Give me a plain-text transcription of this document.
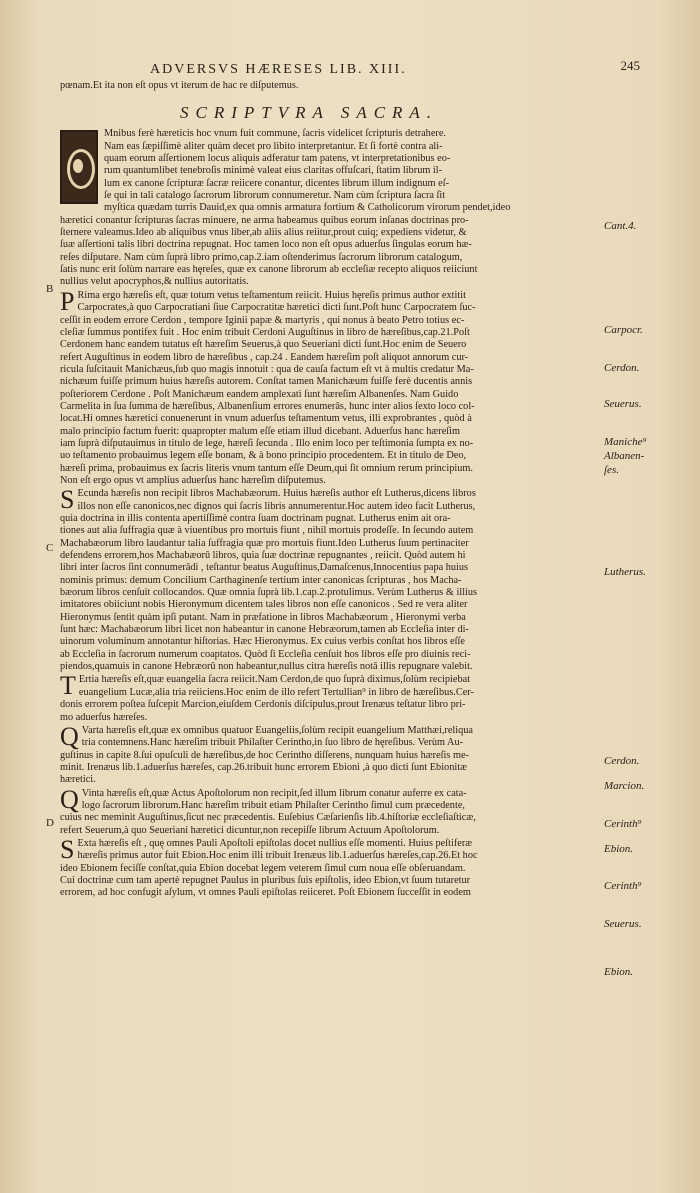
ADVERSVS HÆRESES LIB. XIII.	245
B
C
D
Cant.4.
Carpocr.
Cerdon.
Seuerus.
Maniche⁹
Albanen-
ſes.
Lutherus.
Cerdon.
Marcion.
Cerinth⁹
Ebion.
Cerinth⁹
Seuerus.
Ebion.
pœnam.Et ita non eſt opus vt iterum de hac re diſputemus.
SCRIPTVRA SACRA.
Mnibus ferè hæreticis hoc vnum fuit commune, ſacris videlicet ſcripturis detrahere.
Nam eas ſæpiſſimè aliter quàm decet pro libito interpretantur. Et ſi fortè contra ali-
quam eorum aſſertionem locus aliquis adferatur tam patens, vt interpretationibus eo-
rum quantumlibet tenebroſis minimè valeat eius claritas offuſcari, ſtatim librum il-
lum ex canone ſcripturæ ſacræ reiicere conantur, dicentes librum illum indignum eſ-
ſe qui in tali catalogo ſacrorum librorum connumeretur. Nam cùm ſcriptura ſacra ſit
myſtica quædam turris Dauid,ex qua omnis armatura fortium & Catholicorum virorum pendet,ideo
hæretici conantur ſcripturas ſacras minuere, ne arma habeamus quibus eorum inſanas doctrinas pro-
ſternere valeamus.Ideo ab aliquibus vnus liber,ab aliis alius reiitur,prout cuiq; expediens videtur, &
ſuæ aſſertioni talis libri doctrina repugnat. Hoc tamen loco non eſt opus aduerſus ſingulas eorum hæ-
reſes diſputare. Nam cùm ſuprà libro primo,cap.2.iam oſtenderimus ſacrorum librorum catalogum,
ſatis nunc erit ſolùm narrare eas hęreſes, quæ ex canone librorum ab eccleſiæ recepto aliquos reiiciunt
nullius velut apocryphos,& nullius autoritatis.
P Rima ergo hæreſis eſt, quæ totum vetus teſtamentum reiicit. Huius hęreſis primus author extitit
Carpocrates,à quo Carpocratiani ſiue Carpocratitæ hæretici dicti ſunt.Poſt hunc Carpocratem ſuc-
ceſſit in eodem errore Cerdon , tempore Iginii papæ & martyris , qui nonus à beato Petro totius ec-
cleſiæ ſummus pontifex fuit . Hoc enim tribuit Cerdoni Auguſtinus in libro de hæreſibus,cap.21.Poſt
Cerdonem hanc eandem tutatus eſt hæreſim Seuerus,à quo Seueriani dicti ſunt.Hoc enim de Seuero
refert Auguſtinus in eodem libro de hæreſibus , cap.24 . Eandem hæreſim poſt aliquot annorum cur-
ricula ſuſcitauit Manichæus,ſub quo magis innotuit : qua de cauſa factum eſt vt à multis credatur Ma-
nichæum fuiſſe primum huius hæreſis autorem. Conſtat tamen Manichæum fuiſſe ferè ducentis annis
poſteriorem Cerdone . Poſt Manichæum eandem amplexati ſunt hæreſim Albanenſes. Nam Guido
Carmelita in ſua ſumma de hæreſibus, Albanenſium errores enumerās, hunc inter alios ſexto loco col-
locat.Hi omnes hæretici conuenerunt in vnum aduerſus teſtamentum vetus, illi exprobrantes , quòd à
malo principio factum fuerit: quapropter malum eſſe etiam illud dicebant. Aduerſus hanc hæreſim
iam ſuprà diſputauimus in titulo de lege, hæreſi ſecunda . Illo enim loco per teſtimonia ſumpta ex no-
uo teſtamento probauimus legem eſſe bonam, & à bono principio procedentem. Et in titulo de Deo,
hæreſi prima, probauimus ex ſacris literis vnum tantum eſſe Deum,qui ſit omnium rerum principium.
Non eſt ergo opus vt amplius aduerſus hanc hæreſim diſputemus.
S Ecunda hæreſis non recipit libros Machabæorum. Huius hæreſis author eſt Lutherus,dicens libros
illos non eſſe canonicos,nec dignos qui ſacris libris annumerentur.Hoc autem ideo facit Lutherus,
quia doctrina in illis contenta apertiſſimè contra ſuam doctrinam pugnat. Lutherus enim ait ora-
tiones aut alia ſuffragia quæ à viuentibus pro mortuis fiunt , nihil mortuis prodeſſe. In ſecundo autem
Machabæorum libro laudantur talia ſuffragia quæ pro mortuis fiunt.Ideo Lutherus ſuum pertinaciter
defendens errorem,hos Machabæorū libros, quia ſuæ doctrinæ repugnantes , reiicit. Quòd autem hi
libri inter ſacros ſint connumerādi , teſtantur beatus Auguſtinus,Damaſcenus,Innocentius papa huius
nominis primus: demum Concilium Carthaginenſe tertium inter canonicas ſcripturas , hos Macha-
bæorum libros cenſuit collocandos. Quæ omnia ſuprà lib.1.cap.2.protulimus. Verùm Lutherus & illius
imitatores obiiciunt nobis Hieronymum dicentem tales libros non eſſe canonicos . Sed re vera aliter
Hieronymus ſentit quàm ipſi putant. Nam in præfatione in libros Machabæorum , Hieronymi verba
ſunt hæc: Machabæorum libri licet non habeantur in canone Hebræorum,tamen ab Eccleſia inter di-
uinorum voluminum annotantur hiſtorias. Hæc Hieronymus. Ex cuius verbis conſtat hos libros eſſe
ab Eccleſia in ſacrorum numerum coaptatos. Quòd ſi Eccleſia cenſuit hos libros eſſe pro diuinis reci-
piendos,quamuis in canone Hebræorū non habeantur,nullus citra hæreſis notā illis repugnare valebit.
T Ertia hæreſis eſt,quæ euangelia ſacra reiicit.Nam Cerdon,de quo ſuprà diximus,ſolùm recipiebat
euangelium Lucæ,alia tria reiiciens.Hoc enim de illo refert Tertullian⁹ in libro de hæreſibus.Cer-
donis errorem poſtea ſuſcepit Marcion,eiuſdem Cerdonis diſcipulus,prout Irenæus teſtatur libro pri-
mo aduerſus hæreſes.
Q Varta hæreſis eſt,quæ ex omnibus quatuor Euangeliis,ſolùm recipit euangelium Matthæi,reliqua
tria contemnens.Hanc hæreſim tribuit Philaſter Cerintho,in ſuo libro de hęreſibus. Verùm Au-
guſtinus in capite 8.ſui opuſculi de hæreſibus,de hoc Cerintho diſſerens, nunquam huius hæreſis me-
minit. Irenæus lib.1.aduerſus hæreſes, cap.26.tribuit hunc errorem Ebioni ,à quo dicti ſunt Ebionitæ
hæretici.
Q Vinta hæreſis eſt,quæ Actus Apoſtolorum non recipit,ſed illum librum conatur auferre ex cata-
logo ſacrorum librorum.Hanc hæreſim tribuit etiam Philaſter Cerintho ſimul cum præcedente,
cuius nec meminit Auguſtinus,ſicut nec præcedentis. Euſebius Cæſarienſis lib.4.hiſtoriæ eccleſiaſticæ,
refert Seuerum,à quo Seueriani hæretici dicuntur,non recepiſſe librum Actuum Apoſtolorum.
S Exta hæreſis eſt , quę omnes Pauli Apoſtoli epiſtolas docet nullius eſſe momenti. Huius peſtiferæ
hæreſis primus autor fuit Ebion.Hoc enim illi tribuit Irenæus lib.1.aduerſus hæreſes,cap.26.Et hoc
ideo Ebionem feciſſe conſtat,quia Ebion docebat legem veterem ſimul cum noua eſſe obſeruandam.
Cui doctrinæ cum tam apertè repugnet Paulus in pluribus ſuis epiſtolis, ideo Ebion,vt ſuum tutaretur
errorem, ad hoc confugit aſylum, vt omnes Pauli epiſtolas reiiceret. Poſt Ebionem ſucceſſit in eodem
